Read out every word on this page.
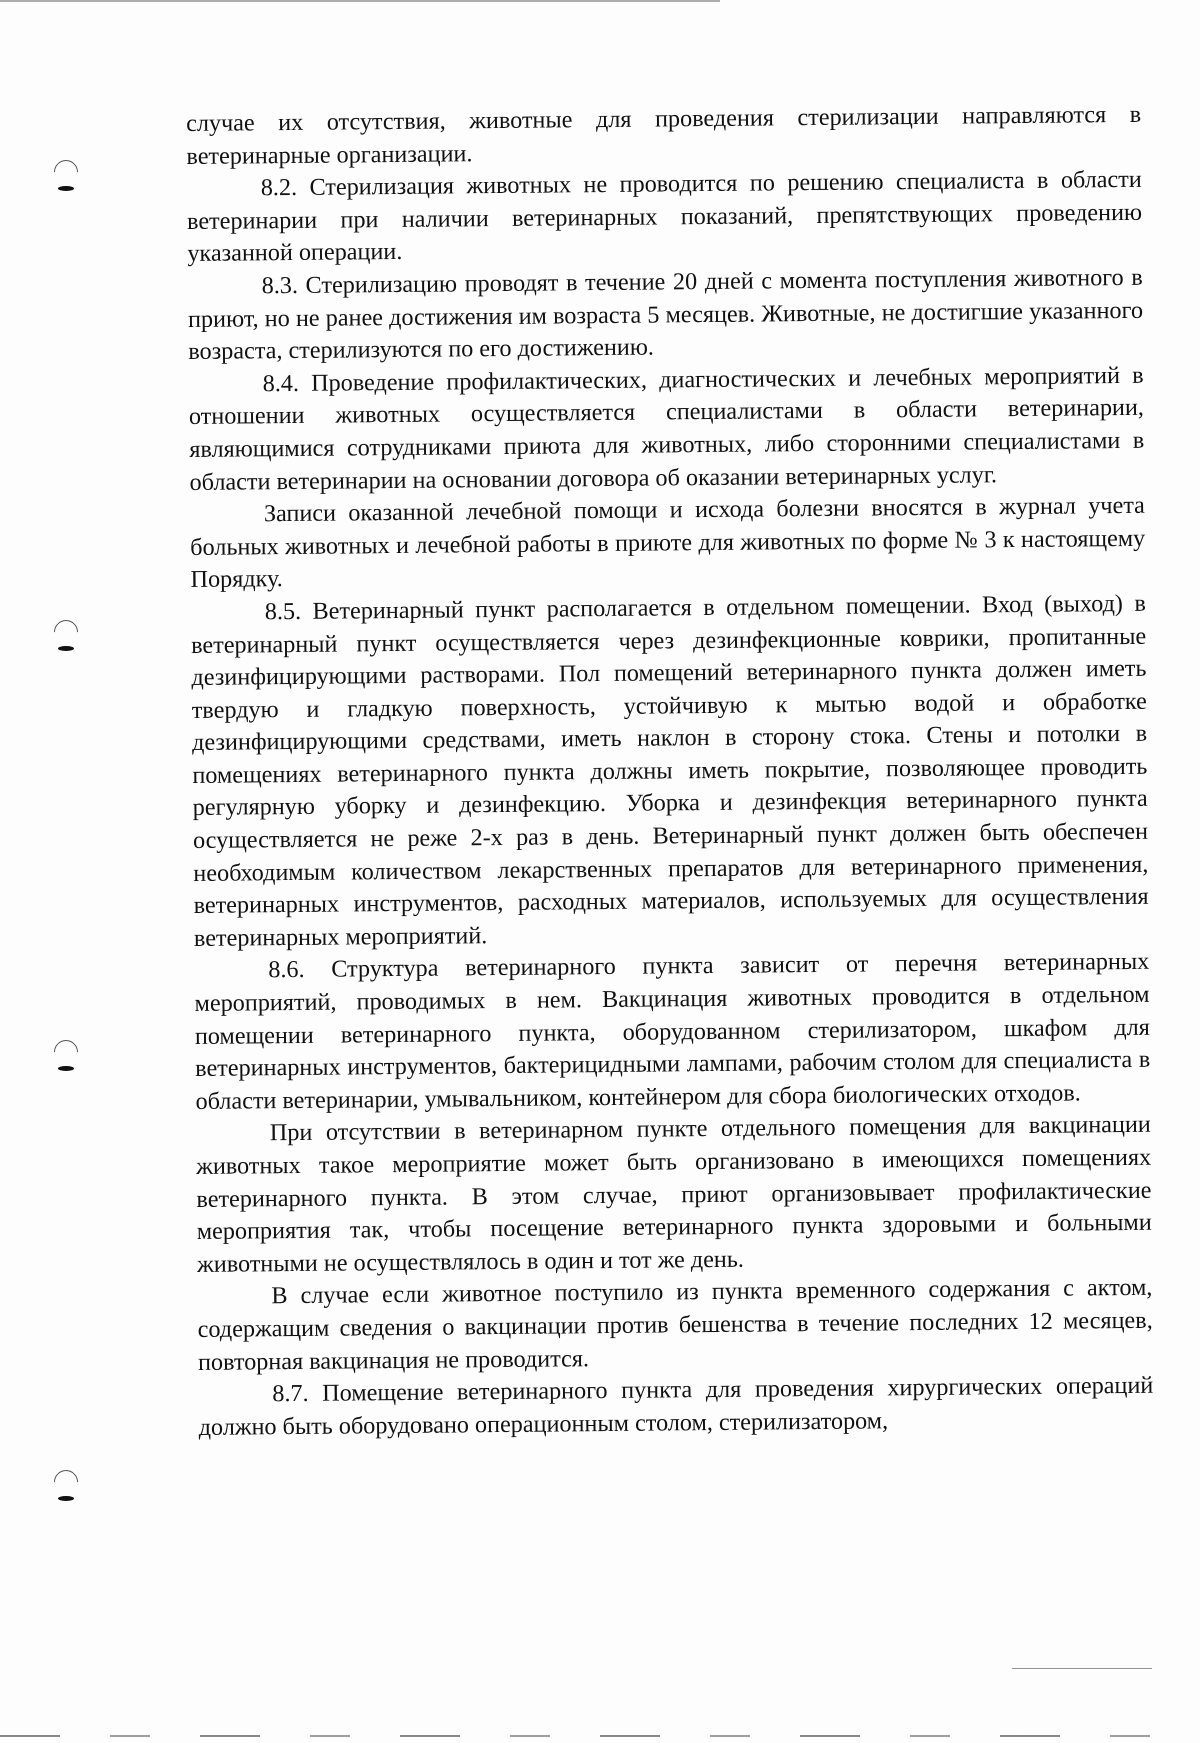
случае их отсутствия, животные для проведения стерилизации направляются в ветеринарные организации.

8.2. Стерилизация животных не проводится по решению специалиста в области ветеринарии при наличии ветеринарных показаний, препятствующих проведению указанной операции.

8.3. Стерилизацию проводят в течение 20 дней с момента поступления животного в приют, но не ранее достижения им возраста 5 месяцев. Животные, не достигшие указанного возраста, стерилизуются по его достижению.

8.4. Проведение профилактических, диагностических и лечебных мероприятий в отношении животных осуществляется специалистами в области ветеринарии, являющимися сотрудниками приюта для животных, либо сторонними специалистами в области ветеринарии на основании договора об оказании ветеринарных услуг.

Записи оказанной лечебной помощи и исхода болезни вносятся в журнал учета больных животных и лечебной работы в приюте для животных по форме № 3 к настоящему Порядку.

8.5. Ветеринарный пункт располагается в отдельном помещении. Вход (выход) в ветеринарный пункт осуществляется через дезинфекционные коврики, пропитанные дезинфицирующими растворами. Пол помещений ветеринарного пункта должен иметь твердую и гладкую поверхность, устойчивую к мытью водой и обработке дезинфицирующими средствами, иметь наклон в сторону стока. Стены и потолки в помещениях ветеринарного пункта должны иметь покрытие, позволяющее проводить регулярную уборку и дезинфекцию. Уборка и дезинфекция ветеринарного пункта осуществляется не реже 2-х раз в день. Ветеринарный пункт должен быть обеспечен необходимым количеством лекарственных препаратов для ветеринарного применения, ветеринарных инструментов, расходных материалов, используемых для осуществления ветеринарных мероприятий.

8.6. Структура ветеринарного пункта зависит от перечня ветеринарных мероприятий, проводимых в нем. Вакцинация животных проводится в отдельном помещении ветеринарного пункта, оборудованном стерилизатором, шкафом для ветеринарных инструментов, бактерицидными лампами, рабочим столом для специалиста в области ветеринарии, умывальником, контейнером для сбора биологических отходов.

При отсутствии в ветеринарном пункте отдельного помещения для вакцинации животных такое мероприятие может быть организовано в имеющихся помещениях ветеринарного пункта. В этом случае, приют организовывает профилактические мероприятия так, чтобы посещение ветеринарного пункта здоровыми и больными животными не осуществлялось в один и тот же день.

В случае если животное поступило из пункта временного содержания с актом, содержащим сведения о вакцинации против бешенства в течение последних 12 месяцев, повторная вакцинация не проводится.

8.7. Помещение ветеринарного пункта для проведения хирургических операций должно быть оборудовано операционным столом, стерилизатором,
